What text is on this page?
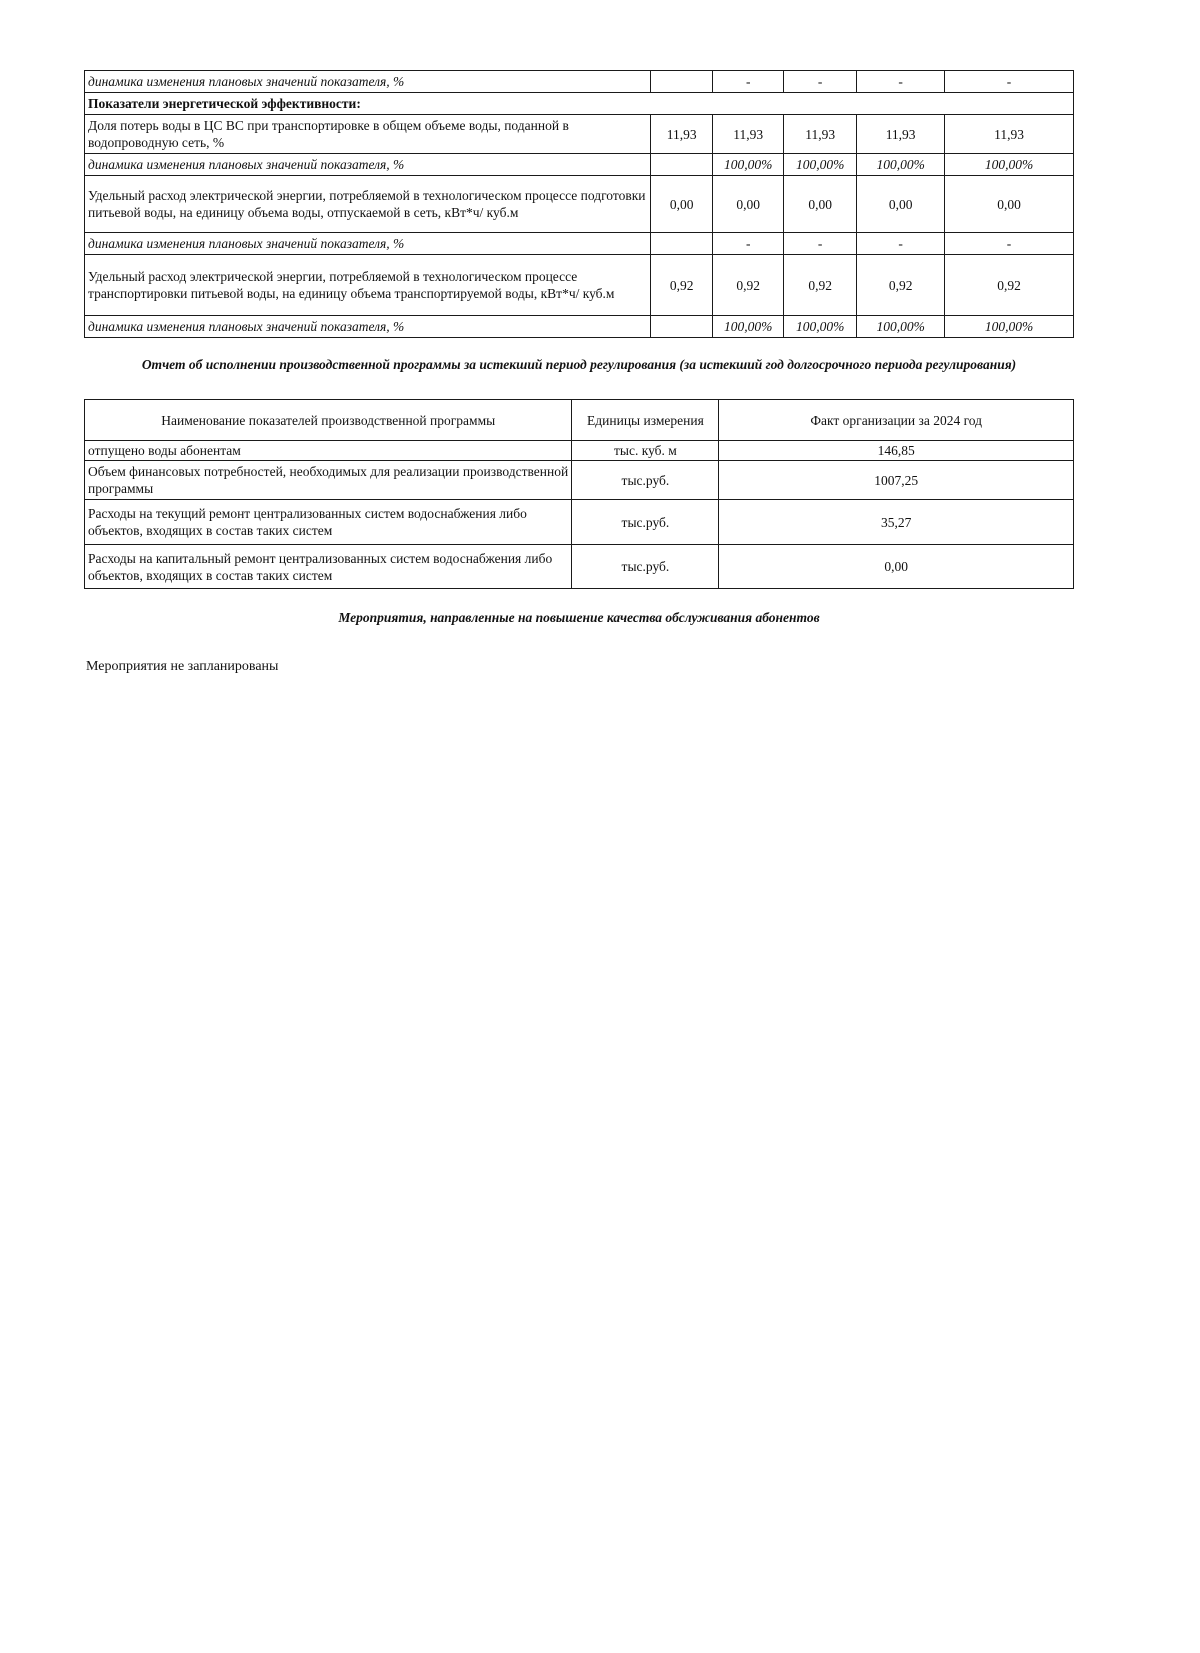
динамика изменения плановых значений показателя, %		-	-	-	-
Показатели энергетической эффективности:					
Доля потерь воды в ЦС ВС при транспортировке в общем объеме воды, поданной в водопроводную сеть, %	11,93	11,93	11,93	11,93	11,93
динамика изменения плановых значений показателя, %		100,00%	100,00%	100,00%	100,00%
Удельный расход электрической энергии, потребляемой в технологическом процессе подготовки питьевой воды, на единицу объема воды, отпускаемой в сеть, кВт*ч/ куб.м	0,00	0,00	0,00	0,00	0,00
динамика изменения плановых значений показателя, %		-	-	-	-
Удельный расход электрической энергии, потребляемой в технологическом процессе транспортировки питьевой воды, на единицу объема транспортируемой воды, кВт*ч/ куб.м	0,92	0,92	0,92	0,92	0,92
динамика изменения плановых значений показателя, %		100,00%	100,00%	100,00%	100,00%
Отчет об исполнении производственной программы за истекший период регулирования (за истекший год долгосрочного периода регулирования)
Наименование показателей производственной программы	Единицы измерения	Факт организации за 2024 год
отпущено воды абонентам	тыс. куб. м	146,85
Объем финансовых потребностей, необходимых для реализации производственной программы	тыс.руб.	1007,25
Расходы на текущий ремонт централизованных систем водоснабжения либо объектов, входящих в состав таких систем	тыс.руб.	35,27
Расходы на капитальный ремонт централизованных систем водоснабжения либо объектов, входящих в состав таких систем	тыс.руб.	0,00
Мероприятия, направленные на повышение качества обслуживания абонентов
Мероприятия не запланированы
